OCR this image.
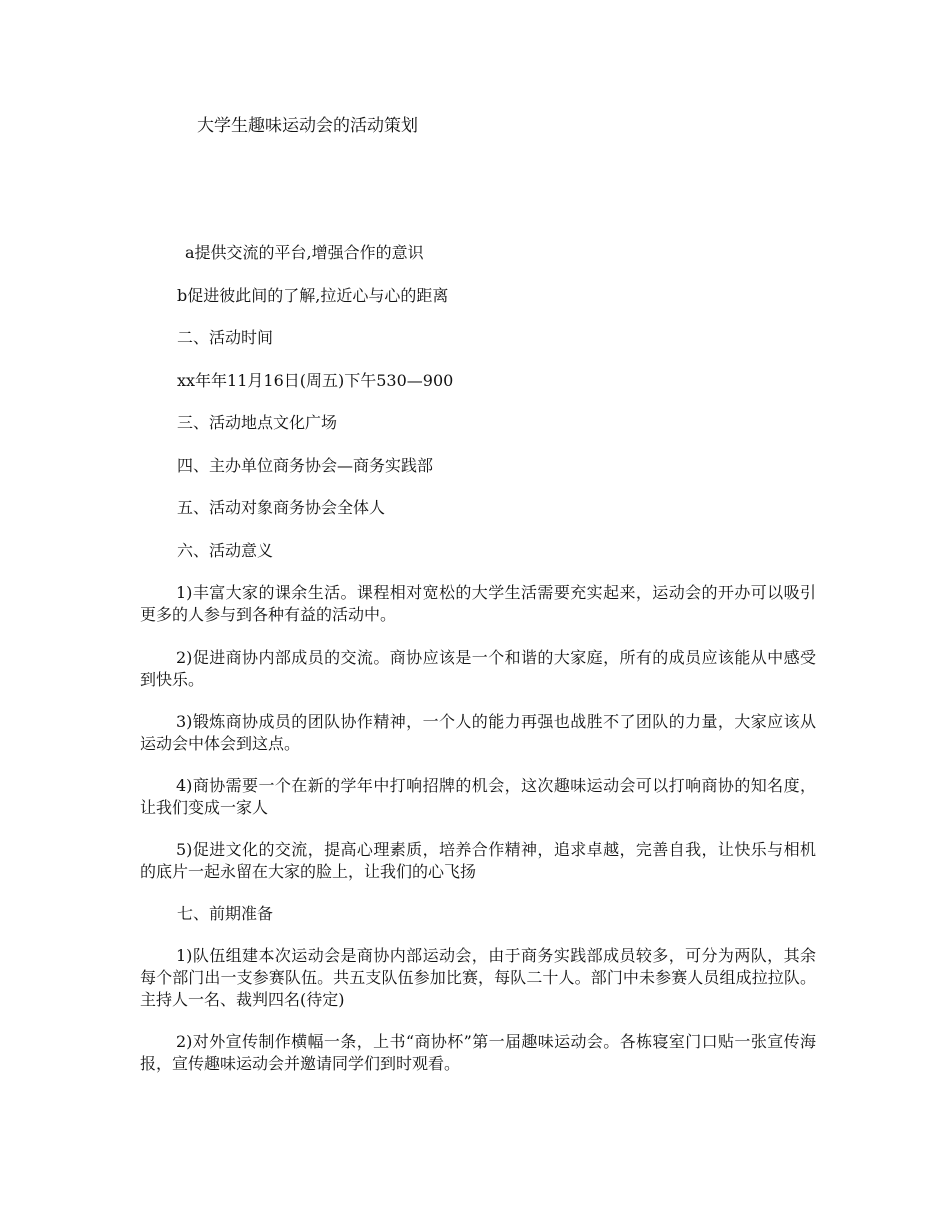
大学生趣味运动会的活动策划
a提供交流的平台,增强合作的意识
b促进彼此间的了解,拉近心与心的距离
二、活动时间
xx年年11月16日(周五)下午530—900
三、活动地点文化广场
四、主办单位商务协会—商务实践部
五、活动对象商务协会全体人
六、活动意义
1)丰富大家的课余生活。课程相对宽松的大学生活需要充实起来，运动会的开办可以吸引更多的人参与到各种有益的活动中。
2)促进商协内部成员的交流。商协应该是一个和谐的大家庭，所有的成员应该能从中感受到快乐。
3)锻炼商协成员的团队协作精神，一个人的能力再强也战胜不了团队的力量，大家应该从运动会中体会到这点。
4)商协需要一个在新的学年中打响招牌的机会，这次趣味运动会可以打响商协的知名度，让我们变成一家人
5)促进文化的交流，提高心理素质，培养合作精神，追求卓越，完善自我，让快乐与相机的底片一起永留在大家的脸上，让我们的心飞扬
七、前期准备
1)队伍组建本次运动会是商协内部运动会，由于商务实践部成员较多，可分为两队，其余每个部门出一支参赛队伍。共五支队伍参加比赛，每队二十人。部门中未参赛人员组成拉拉队。主持人一名、裁判四名(待定)
2)对外宣传制作横幅一条，上书“商协杯”第一届趣味运动会。各栋寝室门口贴一张宣传海报，宣传趣味运动会并邀请同学们到时观看。
